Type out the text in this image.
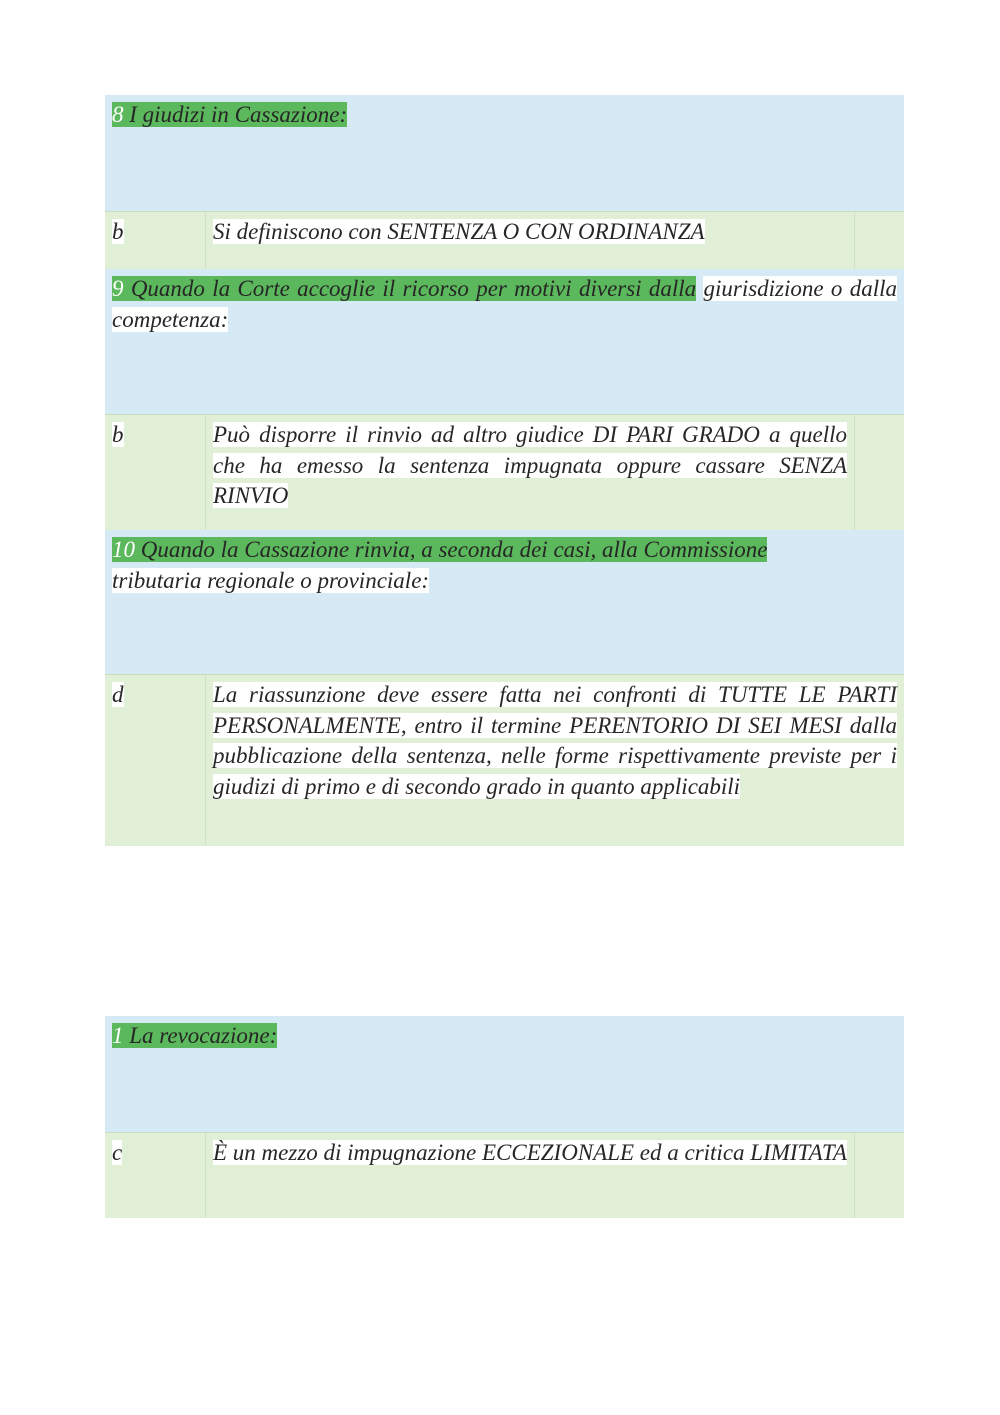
8 I giudizi in Cassazione:
b	Si definiscono con SENTENZA O CON ORDINANZA
9 Quando la Corte accoglie il ricorso per motivi diversi dalla giurisdizione o dalla competenza:
b	Può disporre il rinvio ad altro giudice DI PARI GRADO a quello che ha emesso la sentenza impugnata oppure cassare SENZA RINVIO
10 Quando la Cassazione rinvia, a seconda dei casi, alla Commissione
tributaria regionale o provinciale:
d	La riassunzione deve essere fatta nei confronti di TUTTE LE PARTI PERSONALMENTE, entro il termine PERENTORIO DI SEI MESI dalla pubblicazione della sentenza, nelle forme rispettivamente previste per i giudizi di primo e di secondo grado in quanto applicabili
1 La revocazione:
c	È un mezzo di impugnazione ECCEZIONALE ed a critica LIMITATA
